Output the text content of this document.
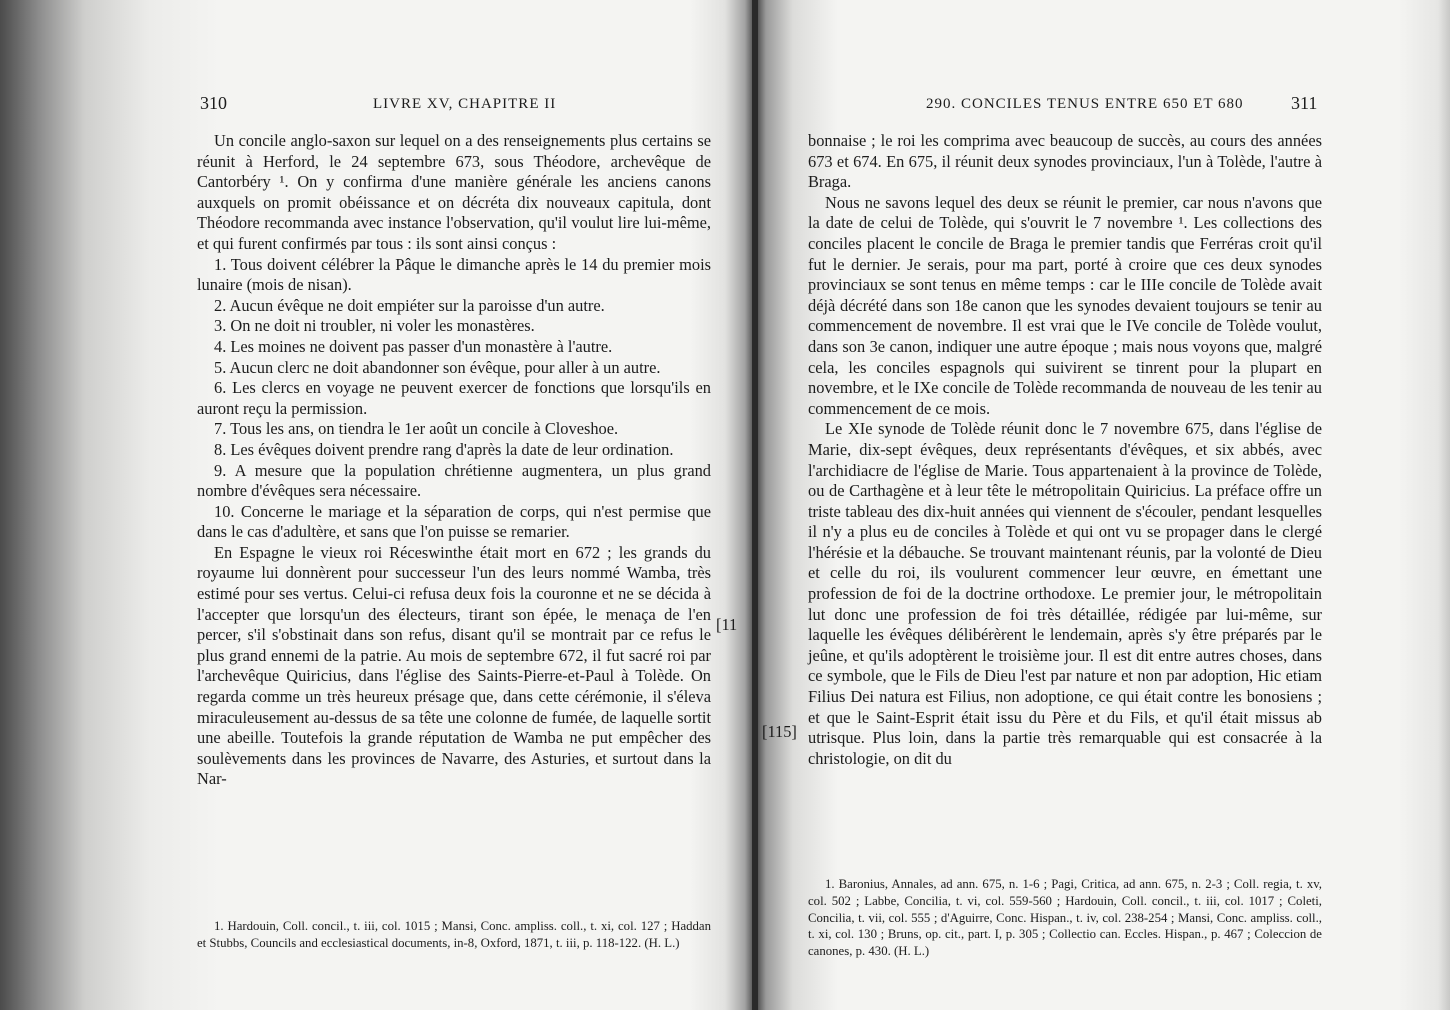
310	LIVRE XV, CHAPITRE II

Un concile anglo-saxon sur lequel on a des renseignements plus certains se réunit à Herford, le 24 septembre 673, sous Théodore, archevêque de Cantorbéry ¹. On y confirma d'une manière générale les anciens canons auxquels on promit obéissance et on décréta dix nouveaux capitula, dont Théodore recommanda avec instance l'observation, qu'il voulut lire lui-même, et qui furent confirmés par tous : ils sont ainsi conçus :

1. Tous doivent célébrer la Pâque le dimanche après le 14 du premier mois lunaire (mois de nisan).

2. Aucun évêque ne doit empiéter sur la paroisse d'un autre.

3. On ne doit ni troubler, ni voler les monastères.

4. Les moines ne doivent pas passer d'un monastère à l'autre.

5. Aucun clerc ne doit abandonner son évêque, pour aller à un autre.

6. Les clercs en voyage ne peuvent exercer de fonctions que lorsqu'ils en auront reçu la permission.

7. Tous les ans, on tiendra le 1er août un concile à Cloveshoe.

8. Les évêques doivent prendre rang d'après la date de leur ordination.

9. A mesure que la population chrétienne augmentera, un plus grand nombre d'évêques sera nécessaire.

10. Concerne le mariage et la séparation de corps, qui n'est permise que dans le cas d'adultère, et sans que l'on puisse se remarier.

En Espagne le vieux roi Réceswinthe était mort en 672 ; les grands du royaume lui donnèrent pour successeur l'un des leurs nommé Wamba, très estimé pour ses vertus. Celui-ci refusa deux fois la couronne et ne se décida à l'accepter que lorsqu'un des électeurs, tirant son épée, le menaça de l'en percer, s'il s'obstinait dans son refus, disant qu'il se montrait par ce refus le plus grand ennemi de la patrie. Au mois de septembre 672, il fut sacré roi par l'archevêque Quiricius, dans l'église des Saints-Pierre-et-Paul à Tolède. On regarda comme un très heureux présage que, dans cette cérémonie, il s'éleva miraculeusement au-dessus de sa tête une colonne de fumée, de laquelle sortit une abeille. Toutefois la grande réputation de Wamba ne put empêcher des soulèvements dans les provinces de Navarre, des Asturies, et surtout dans la Nar-

1. Hardouin, Coll. concil., t. iii, col. 1015 ; Mansi, Conc. ampliss. coll., t. xi, col. 127 ; Haddan et Stubbs, Councils and ecclesiastical documents, in-8, Oxford, 1871, t. iii, p. 118-122. (H. L.)

[11
290. CONCILES TENUS ENTRE 650 ET 680	311

bonnaise ; le roi les comprima avec beaucoup de succès, au cours des années 673 et 674. En 675, il réunit deux synodes provinciaux, l'un à Tolède, l'autre à Braga.

Nous ne savons lequel des deux se réunit le premier, car nous n'avons que la date de celui de Tolède, qui s'ouvrit le 7 novembre ¹. Les collections des conciles placent le concile de Braga le premier tandis que Ferréras croit qu'il fut le dernier. Je serais, pour ma part, porté à croire que ces deux synodes provinciaux se sont tenus en même temps : car le IIIe concile de Tolède avait déjà décrété dans son 18e canon que les synodes devaient toujours se tenir au commencement de novembre. Il est vrai que le IVe concile de Tolède voulut, dans son 3e canon, indiquer une autre époque ; mais nous voyons que, malgré cela, les conciles espagnols qui suivirent se tinrent pour la plupart en novembre, et le IXe concile de Tolède recommanda de nouveau de les tenir au commencement de ce mois.

Le XIe synode de Tolède réunit donc le 7 novembre 675, dans l'église de Marie, dix-sept évêques, deux représentants d'évêques, et six abbés, avec l'archidiacre de l'église de Marie. Tous appartenaient à la province de Tolède, ou de Carthagène et à leur tête le métropolitain Quiricius. La préface offre un triste tableau des dix-huit années qui viennent de s'écouler, pendant lesquelles il n'y a plus eu de conciles à Tolède et qui ont vu se propager dans le clergé l'hérésie et la débauche. Se trouvant maintenant réunis, par la volonté de Dieu et celle du roi, ils voulurent commencer leur œuvre, en émettant une profession de foi de la doctrine orthodoxe. Le premier jour, le métropolitain lut donc une profession de foi très détaillée, rédigée par lui-même, sur laquelle les évêques délibérèrent le lendemain, après s'y être préparés par le jeûne, et qu'ils adoptèrent le troisième jour. Il est dit entre autres choses, dans ce symbole, que le Fils de Dieu l'est par nature et non par adoption, Hic etiam Filius Dei natura est Filius, non adoptione, ce qui était contre les bonosiens ; et que le Saint-Esprit était issu du Père et du Fils, et qu'il était missus ab utrisque. Plus loin, dans la partie très remarquable qui est consacrée à la christologie, on dit du

1. Baronius, Annales, ad ann. 675, n. 1-6 ; Pagi, Critica, ad ann. 675, n. 2-3 ; Coll. regia, t. xv, col. 502 ; Labbe, Concilia, t. vi, col. 559-560 ; Hardouin, Coll. concil., t. iii, col. 1017 ; Coleti, Concilia, t. vii, col. 555 ; d'Aguirre, Conc. Hispan., t. iv, col. 238-254 ; Mansi, Conc. ampliss. coll., t. xi, col. 130 ; Bruns, op. cit., part. I, p. 305 ; Collectio can. Eccles. Hispan., p. 467 ; Coleccion de canones, p. 430. (H. L.)

[115]
